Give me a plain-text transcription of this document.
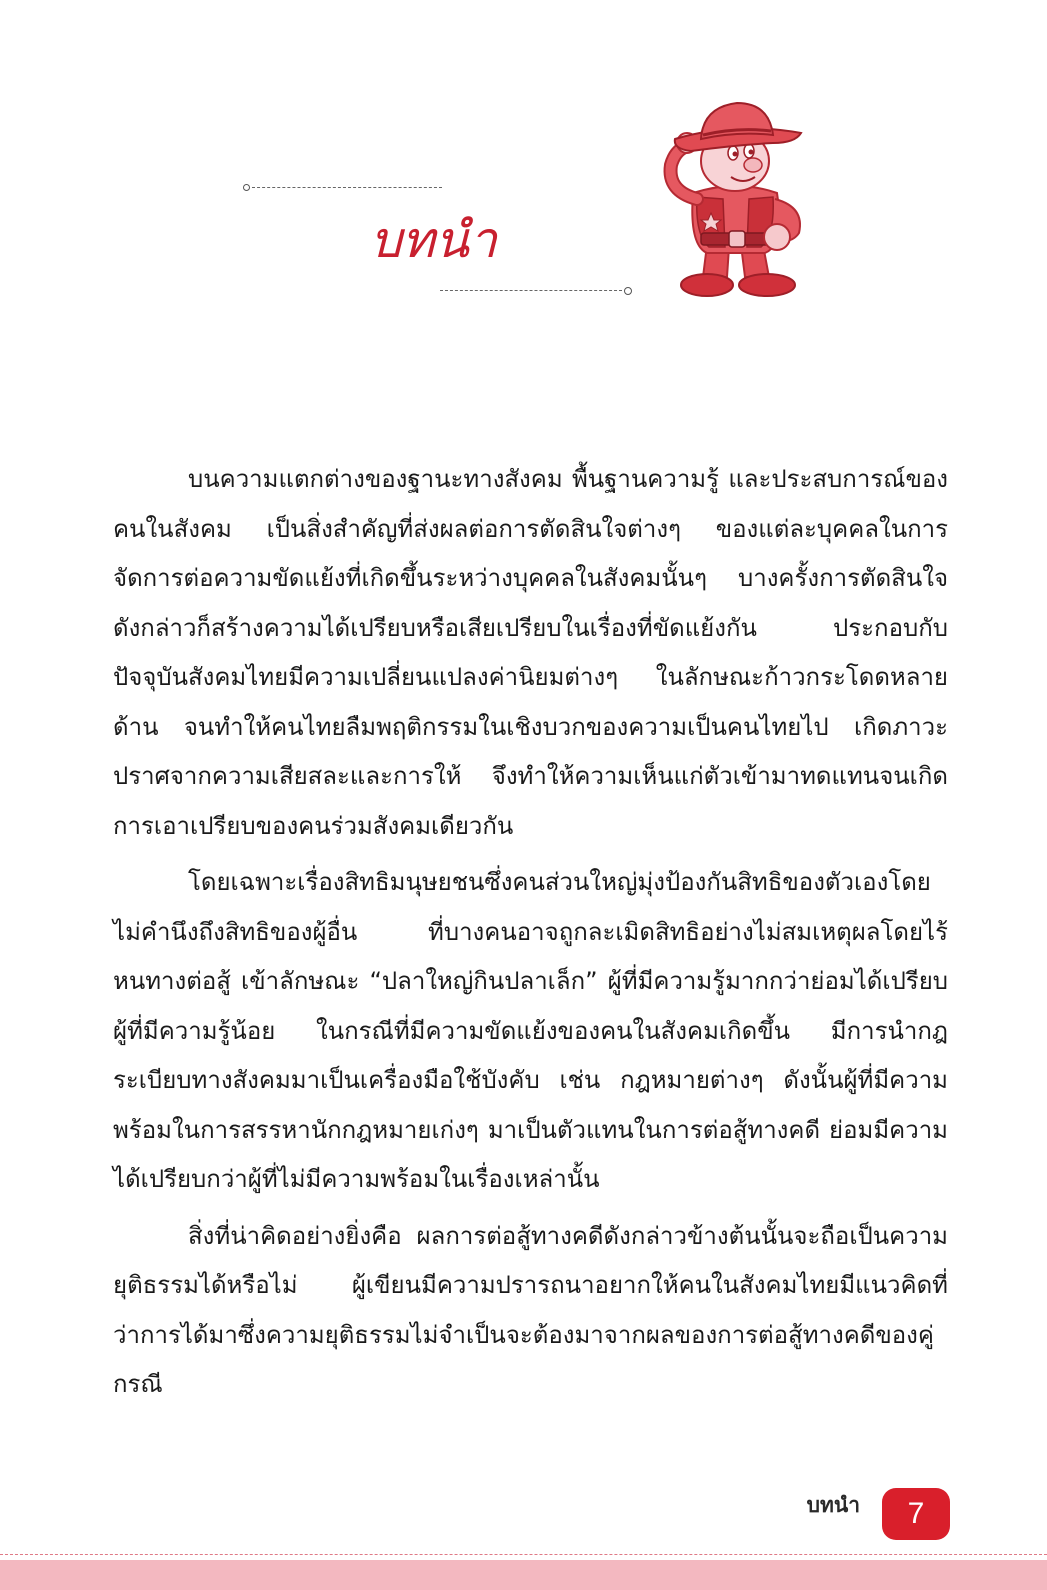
บทนำ

บนความแตกต่างของฐานะทางสังคม พื้นฐานความรู้ และประสบการณ์ของคนในสังคม เป็นสิ่งสำคัญที่ส่งผลต่อการตัดสินใจต่างๆ ของแต่ละบุคคลในการจัดการต่อความขัดแย้งที่เกิดขึ้นระหว่างบุคคลในสังคมนั้นๆ บางครั้งการตัดสินใจดังกล่าวก็สร้างความได้เปรียบหรือเสียเปรียบในเรื่องที่ขัดแย้งกัน ประกอบกับปัจจุบันสังคมไทยมีความเปลี่ยนแปลงค่านิยมต่างๆ ในลักษณะก้าวกระโดดหลายด้าน จนทำให้คนไทยลืมพฤติกรรมในเชิงบวกของความเป็นคนไทยไป เกิดภาวะปราศจากความเสียสละและการให้ จึงทำให้ความเห็นแก่ตัวเข้ามาทดแทนจนเกิดการเอาเปรียบของคนร่วมสังคมเดียวกัน

โดยเฉพาะเรื่องสิทธิมนุษยชนซึ่งคนส่วนใหญ่มุ่งป้องกันสิทธิของตัวเองโดยไม่คำนึงถึงสิทธิของผู้อื่น ที่บางคนอาจถูกละเมิดสิทธิอย่างไม่สมเหตุผลโดยไร้หนทางต่อสู้ เข้าลักษณะ “ปลาใหญ่กินปลาเล็ก” ผู้ที่มีความรู้มากกว่าย่อมได้เปรียบผู้ที่มีความรู้น้อย ในกรณีที่มีความขัดแย้งของคนในสังคมเกิดขึ้น มีการนำกฎระเบียบทางสังคมมาเป็นเครื่องมือใช้บังคับ เช่น กฎหมายต่างๆ ดังนั้นผู้ที่มีความพร้อมในการสรรหานักกฎหมายเก่งๆ มาเป็นตัวแทนในการต่อสู้ทางคดี ย่อมมีความได้เปรียบกว่าผู้ที่ไม่มีความพร้อมในเรื่องเหล่านั้น

สิ่งที่น่าคิดอย่างยิ่งคือ ผลการต่อสู้ทางคดีดังกล่าวข้างต้นนั้นจะถือเป็นความยุติธรรมได้หรือไม่ ผู้เขียนมีความปรารถนาอยากให้คนในสังคมไทยมีแนวคิดที่ว่าการได้มาซึ่งความยุติธรรมไม่จำเป็นจะต้องมาจากผลของการต่อสู้ทางคดีของคู่กรณี

บทนำ	7
